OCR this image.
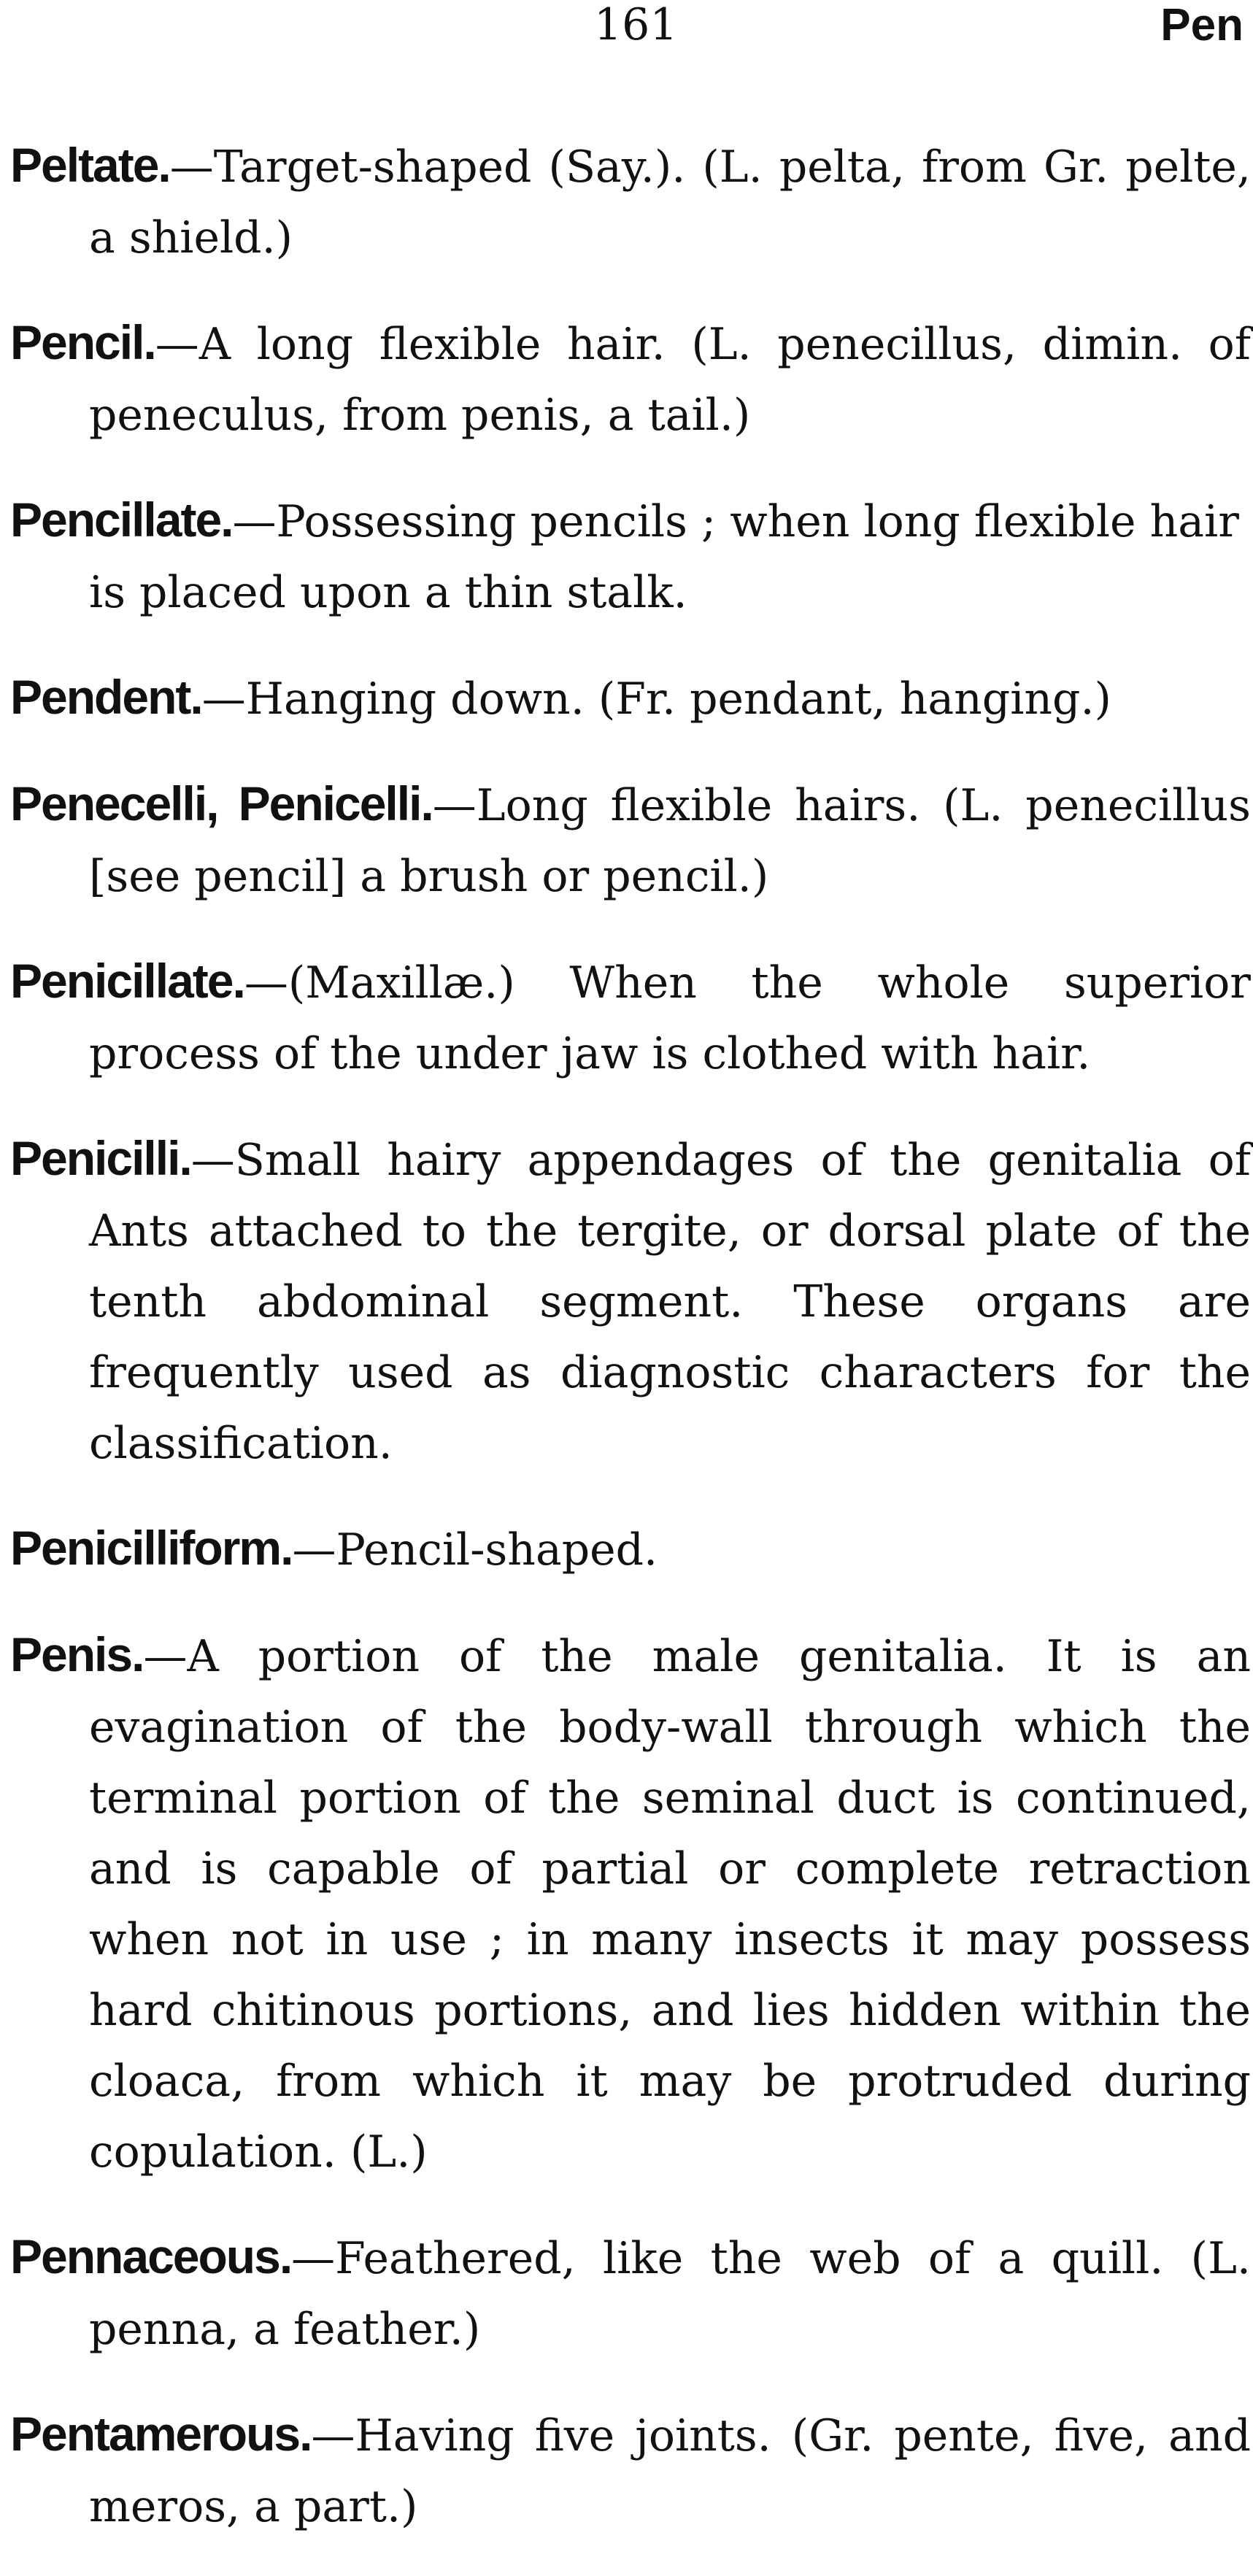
161	Pen

Peltate.—Target-shaped (Say.). (L. pelta, from Gr. pelte, a shield.)

Pencil.—A long flexible hair. (L. penecillus, dimin. of peneculus, from penis, a tail.)

Pencillate.—Possessing pencils ; when long flexible hair is placed upon a thin stalk.

Pendent.—Hanging down. (Fr. pendant, hanging.)

Penecelli, Penicelli.—Long flexible hairs. (L. penecillus [see pencil] a brush or pencil.)

Penicillate.—(Maxillæ.) When the whole superior process of the under jaw is clothed with hair.

Penicilli.—Small hairy appendages of the genitalia of Ants attached to the tergite, or dorsal plate of the tenth abdominal segment. These organs are frequently used as diagnostic characters for the classification.

Penicilliform.—Pencil-shaped.

Penis.—A portion of the male genitalia. It is an evagination of the body-wall through which the terminal portion of the seminal duct is continued, and is capable of partial or complete retraction when not in use ; in many insects it may possess hard chitinous portions, and lies hidden within the cloaca, from which it may be protruded during copulation. (L.)

Pennaceous.—Feathered, like the web of a quill. (L. penna, a feather.)

Pentamerous.—Having five joints. (Gr. pente, five, and meros, a part.)
